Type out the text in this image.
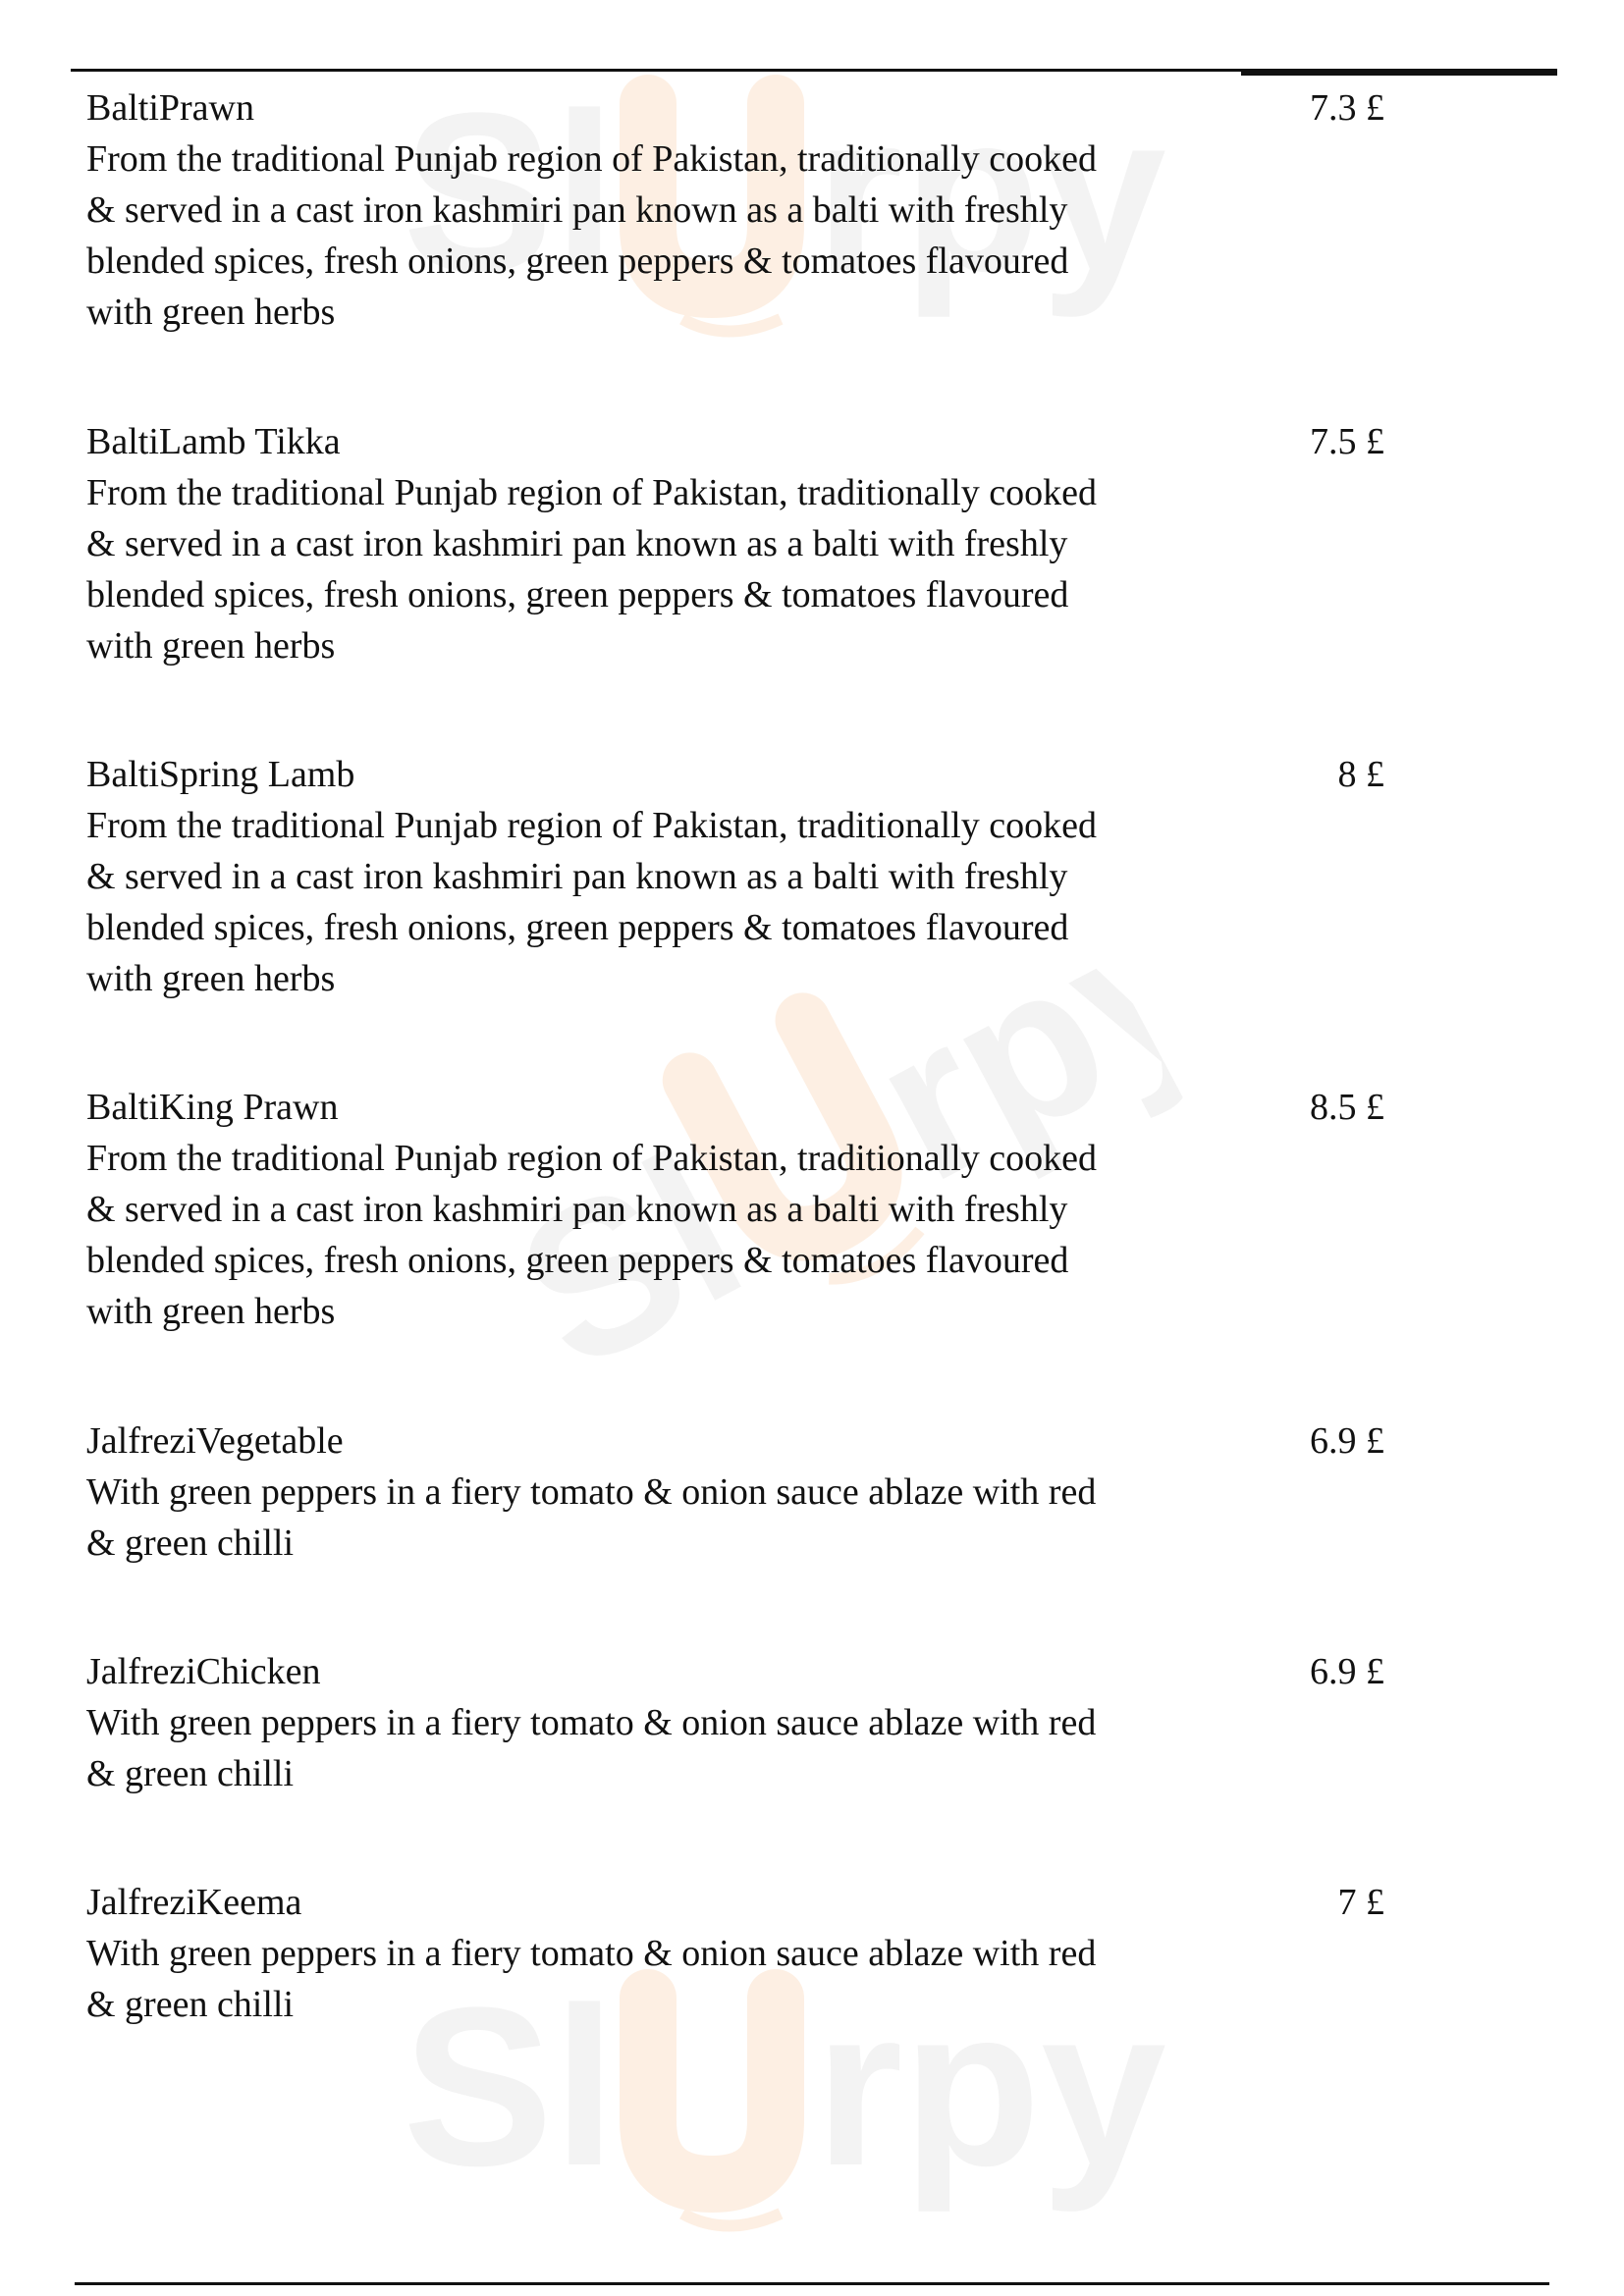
Sl rpy
Sl
rpy
Sl rpy
BaltiPrawn	7.3 £
From the traditional Punjab region of Pakistan, traditionally cooked
& served in a cast iron kashmiri pan known as a balti with freshly
blended spices, fresh onions, green peppers & tomatoes flavoured
with green herbs
BaltiLamb Tikka	7.5 £
From the traditional Punjab region of Pakistan, traditionally cooked
& served in a cast iron kashmiri pan known as a balti with freshly
blended spices, fresh onions, green peppers & tomatoes flavoured
with green herbs
BaltiSpring Lamb	8 £
From the traditional Punjab region of Pakistan, traditionally cooked
& served in a cast iron kashmiri pan known as a balti with freshly
blended spices, fresh onions, green peppers & tomatoes flavoured
with green herbs
BaltiKing Prawn	8.5 £
From the traditional Punjab region of Pakistan, traditionally cooked
& served in a cast iron kashmiri pan known as a balti with freshly
blended spices, fresh onions, green peppers & tomatoes flavoured
with green herbs
JalfreziVegetable	6.9 £
With green peppers in a fiery tomato & onion sauce ablaze with red
& green chilli
JalfreziChicken	6.9 £
With green peppers in a fiery tomato & onion sauce ablaze with red
& green chilli
JalfreziKeema	7 £
With green peppers in a fiery tomato & onion sauce ablaze with red
& green chilli
